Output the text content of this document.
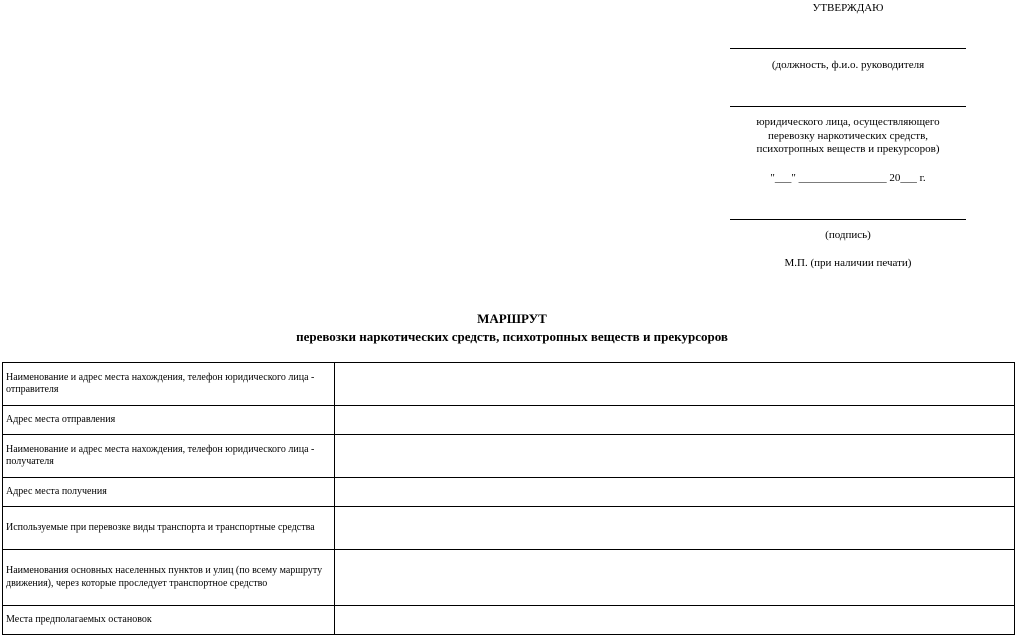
УТВЕРЖДАЮ
(должность, ф.и.о. руководителя
юридического лица, осуществляющего перевозку наркотических средств, психотропных веществ и прекурсоров)
"___" ________________ 20___ г.
(подпись)
М.П. (при наличии печати)
МАРШРУТ
перевозки наркотических средств, психотропных веществ и прекурсоров
Наименование и адрес места нахождения, телефон юридического лица - отправителя	

Адрес места отправления	

Наименование и адрес места нахождения, телефон юридического лица - получателя	

Адрес места получения	

Используемые при перевозке виды транспорта и транспортные средства	

Наименования основных населенных пунктов и улиц (по всему маршруту движения), через которые проследует транспортное средство	

Места предполагаемых остановок	
